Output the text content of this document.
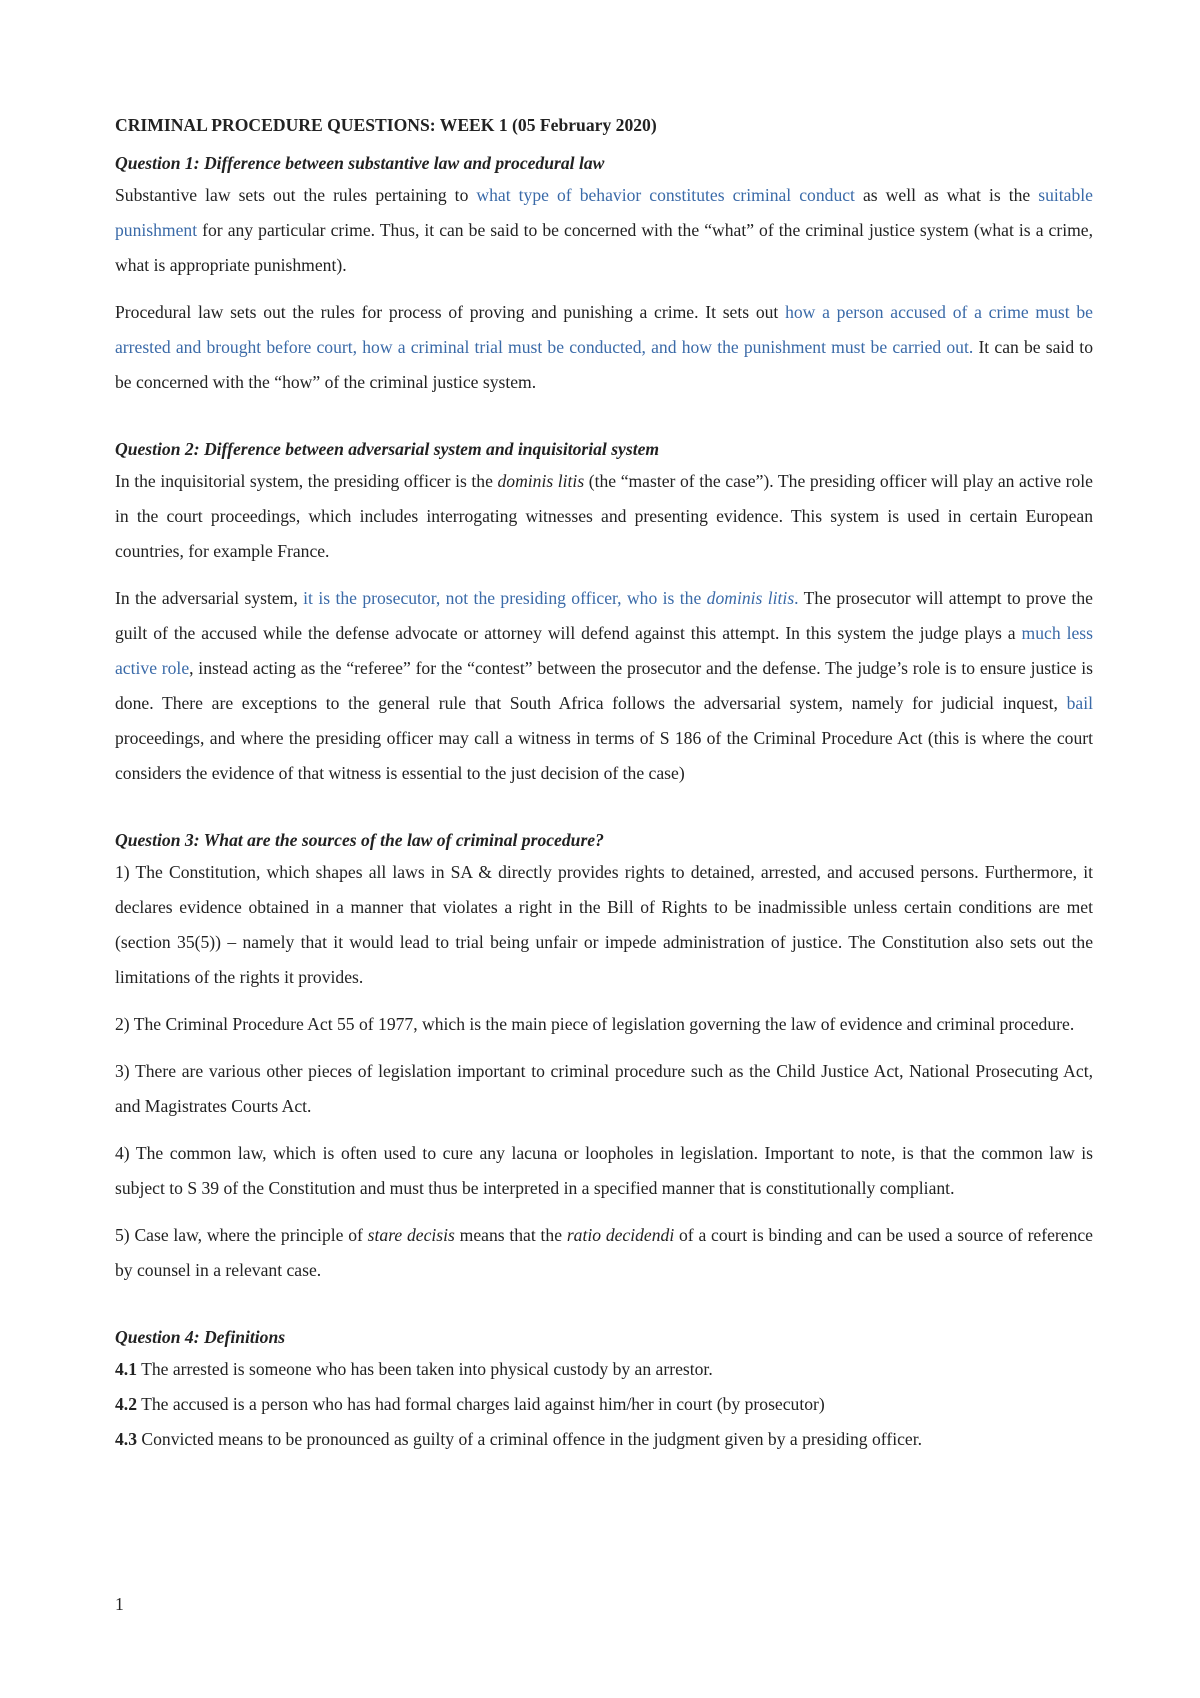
CRIMINAL PROCEDURE QUESTIONS: WEEK 1 (05 February 2020)
Question 1: Difference between substantive law and procedural law

Substantive law sets out the rules pertaining to what type of behavior constitutes criminal conduct as well as what is the suitable punishment for any particular crime. Thus, it can be said to be concerned with the “what” of the criminal justice system (what is a crime, what is appropriate punishment).

Procedural law sets out the rules for process of proving and punishing a crime. It sets out how a person accused of a crime must be arrested and brought before court, how a criminal trial must be conducted, and how the punishment must be carried out. It can be said to be concerned with the “how” of the criminal justice system.

Question 2: Difference between adversarial system and inquisitorial system

In the inquisitorial system, the presiding officer is the dominis litis (the “master of the case”). The presiding officer will play an active role in the court proceedings, which includes interrogating witnesses and presenting evidence. This system is used in certain European countries, for example France.

In the adversarial system, it is the prosecutor, not the presiding officer, who is the dominis litis. The prosecutor will attempt to prove the guilt of the accused while the defense advocate or attorney will defend against this attempt. In this system the judge plays a much less active role, instead acting as the “referee” for the “contest” between the prosecutor and the defense. The judge’s role is to ensure justice is done. There are exceptions to the general rule that South Africa follows the adversarial system, namely for judicial inquest, bail proceedings, and where the presiding officer may call a witness in terms of S 186 of the Criminal Procedure Act (this is where the court considers the evidence of that witness is essential to the just decision of the case)

Question 3: What are the sources of the law of criminal procedure?

1) The Constitution, which shapes all laws in SA & directly provides rights to detained, arrested, and accused persons. Furthermore, it declares evidence obtained in a manner that violates a right in the Bill of Rights to be inadmissible unless certain conditions are met (section 35(5)) – namely that it would lead to trial being unfair or impede administration of justice. The Constitution also sets out the limitations of the rights it provides.

2) The Criminal Procedure Act 55 of 1977, which is the main piece of legislation governing the law of evidence and criminal procedure.

3) There are various other pieces of legislation important to criminal procedure such as the Child Justice Act, National Prosecuting Act, and Magistrates Courts Act.

4) The common law, which is often used to cure any lacuna or loopholes in legislation. Important to note, is that the common law is subject to S 39 of the Constitution and must thus be interpreted in a specified manner that is constitutionally compliant.

5) Case law, where the principle of stare decisis means that the ratio decidendi of a court is binding and can be used a source of reference by counsel in a relevant case.

Question 4: Definitions
4.1 The arrested is someone who has been taken into physical custody by an arrestor.
4.2 The accused is a person who has had formal charges laid against him/her in court (by prosecutor)
4.3 Convicted means to be pronounced as guilty of a criminal offence in the judgment given by a presiding officer.
1
